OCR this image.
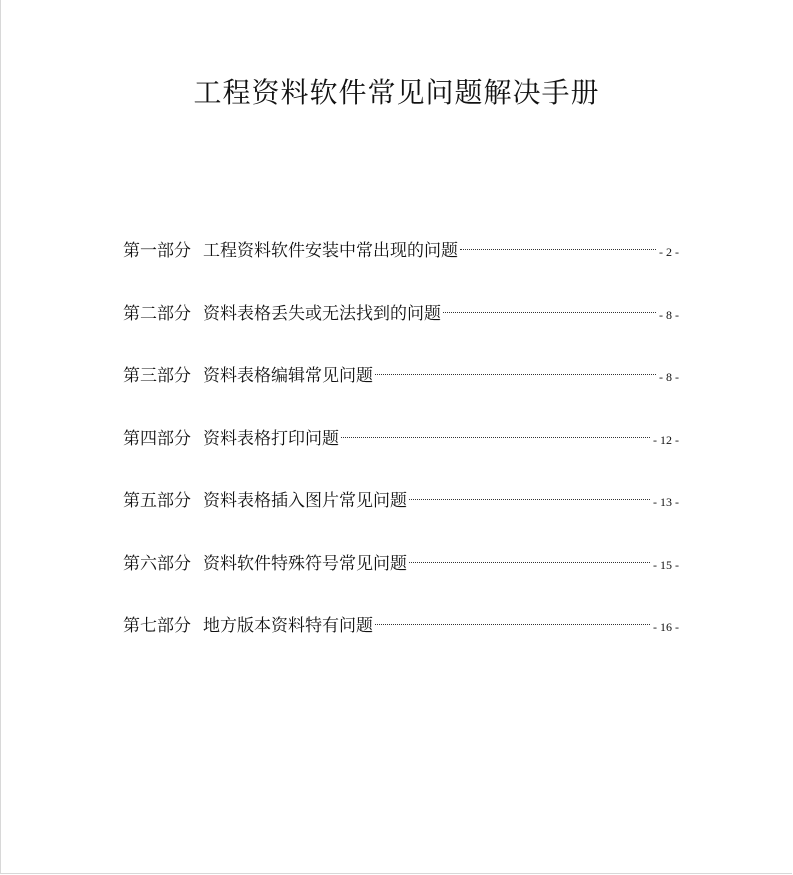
工程资料软件常见问题解决手册
第一部分 工程资料软件安装中常出现的问题	- 2 -
第二部分 资料表格丢失或无法找到的问题	- 8 -
第三部分 资料表格编辑常见问题	- 8 -
第四部分 资料表格打印问题	- 12 -
第五部分 资料表格插入图片常见问题	- 13 -
第六部分 资料软件特殊符号常见问题	- 15 -
第七部分 地方版本资料特有问题	- 16 -
